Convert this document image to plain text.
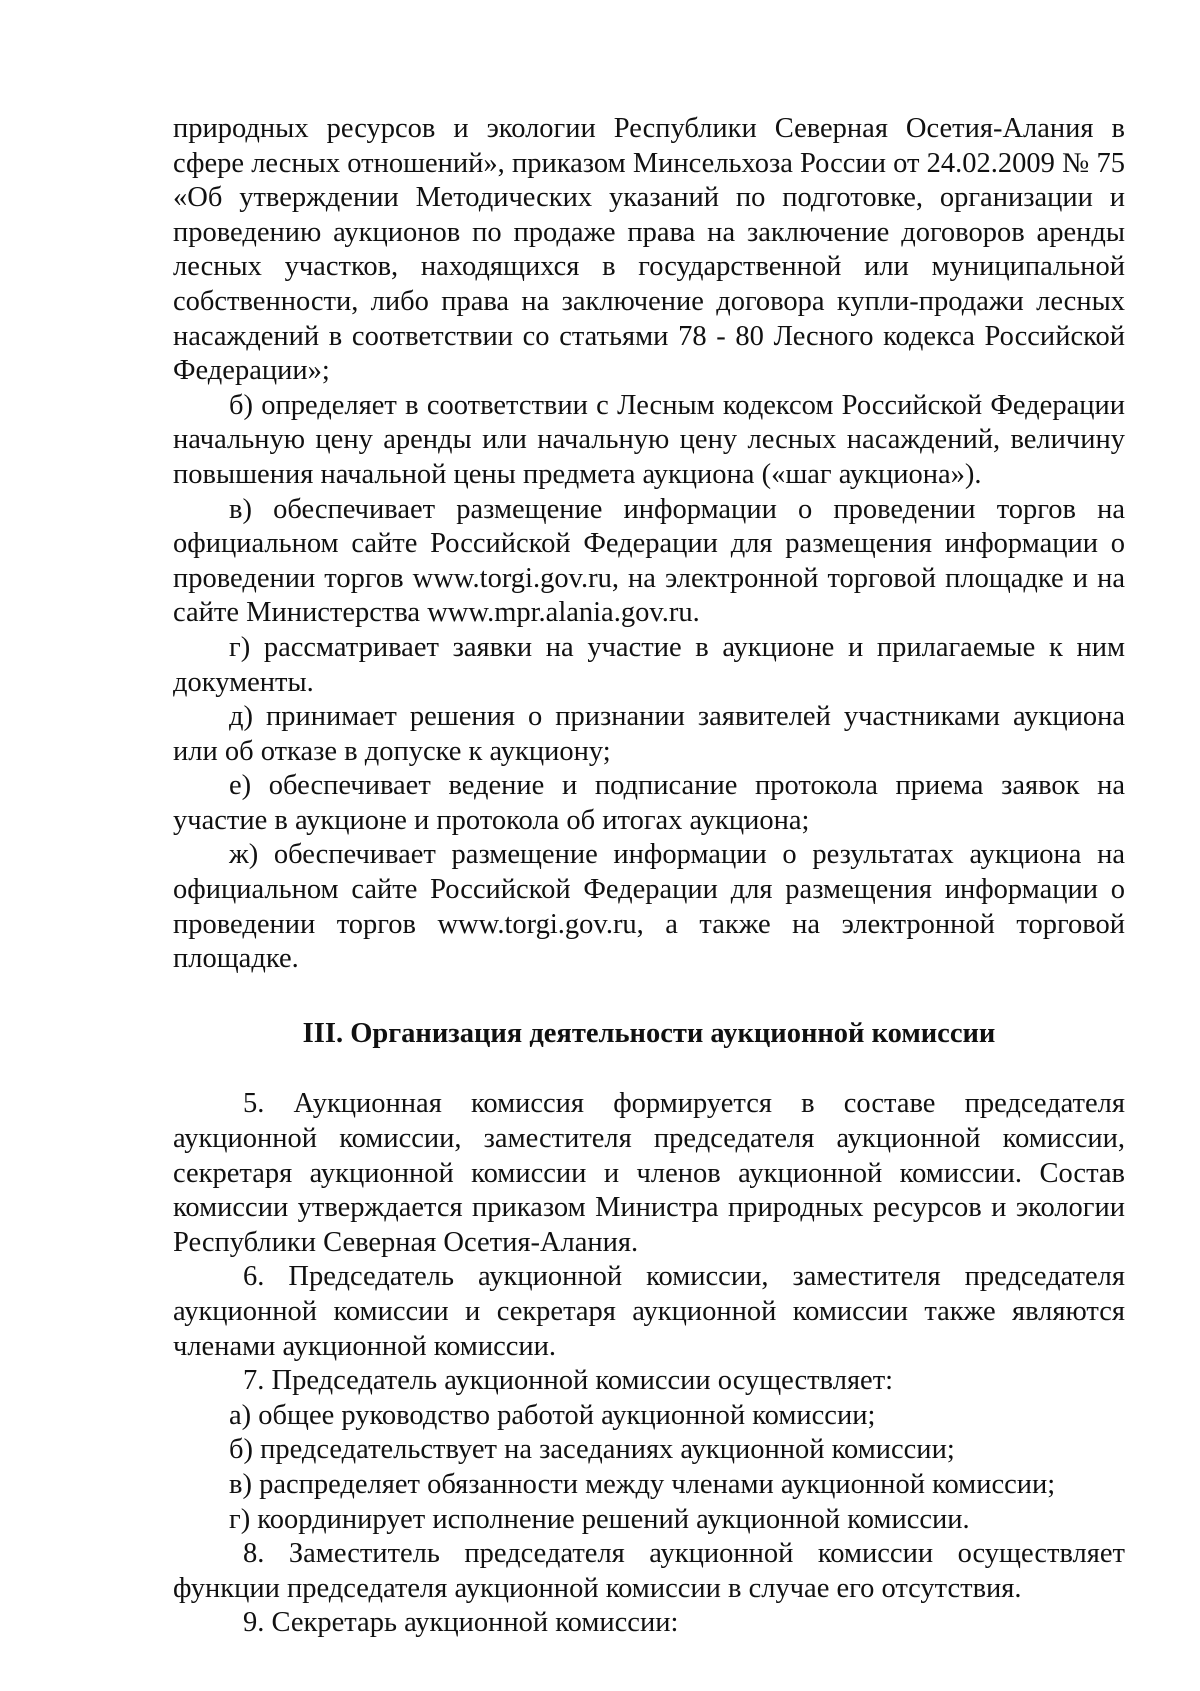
природных ресурсов и экологии Республики Северная Осетия-Алания в сфере лесных отношений», приказом Минсельхоза России от 24.02.2009 № 75 «Об утверждении Методических указаний по подготовке, организации и проведению аукционов по продаже права на заключение договоров аренды лесных участков, находящихся в государственной или муниципальной собственности, либо права на заключение договора купли-продажи лесных насаждений в соответствии со статьями 78 - 80 Лесного кодекса Российской Федерации»;

б) определяет в соответствии с Лесным кодексом Российской Федерации начальную цену аренды или начальную цену лесных насаждений, величину повышения начальной цены предмета аукциона («шаг аукциона»).

в) обеспечивает размещение информации о проведении торгов на официальном сайте Российской Федерации для размещения информации о проведении торгов www.torgi.gov.ru, на электронной торговой площадке и на сайте Министерства www.mpr.alania.gov.ru.

г) рассматривает заявки на участие в аукционе и прилагаемые к ним документы.

д) принимает решения о признании заявителей участниками аукциона или об отказе в допуске к аукциону;

е) обеспечивает ведение и подписание протокола приема заявок на участие в аукционе и протокола об итогах аукциона;

ж) обеспечивает размещение информации о результатах аукциона на официальном сайте Российской Федерации для размещения информации о проведении торгов www.torgi.gov.ru, а также на электронной торговой площадке.

III. Организация деятельности аукционной комиссии

5. Аукционная комиссия формируется в составе председателя аукционной комиссии, заместителя председателя аукционной комиссии, секретаря аукционной комиссии и членов аукционной комиссии. Состав комиссии утверждается приказом Министра природных ресурсов и экологии Республики Северная Осетия-Алания.

6. Председатель аукционной комиссии, заместителя председателя аукционной комиссии и секретаря аукционной комиссии также являются членами аукционной комиссии.

7. Председатель аукционной комиссии осуществляет:

а) общее руководство работой аукционной комиссии;

б) председательствует на заседаниях аукционной комиссии;

в) распределяет обязанности между членами аукционной комиссии;

г) координирует исполнение решений аукционной комиссии.

8. Заместитель председателя аукционной комиссии осуществляет функции председателя аукционной комиссии в случае его отсутствия.

9. Секретарь аукционной комиссии:
